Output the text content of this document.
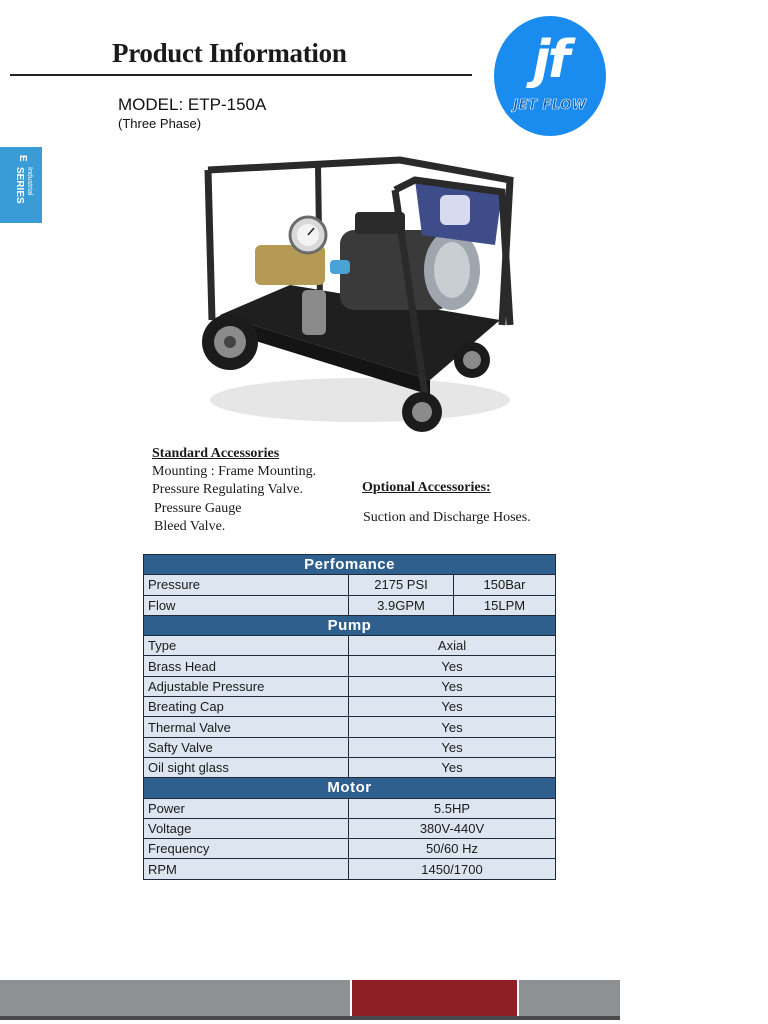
Product Information
MODEL: ETP-150A
(Three Phase)
jf
JET FLOW
E
SERIES Industrial
Standard Accessories
Mounting : Frame Mounting.
Pressure Regulating Valve.
Pressure Gauge
Bleed Valve.
Optional Accessories:
Suction and Discharge Hoses.
Perfomance		
Pressure	2175 PSI	150Bar
Flow	3.9GPM	15LPM
Pump		
Type	Axial	
Brass Head	Yes	
Adjustable Pressure	Yes	
Breating Cap	Yes	
Thermal Valve	Yes	
Safty Valve	Yes	
Oil sight glass	Yes	
Motor		
Power	5.5HP	
Voltage	380V-440V	
Frequency	50/60 Hz	
RPM	1450/1700	
